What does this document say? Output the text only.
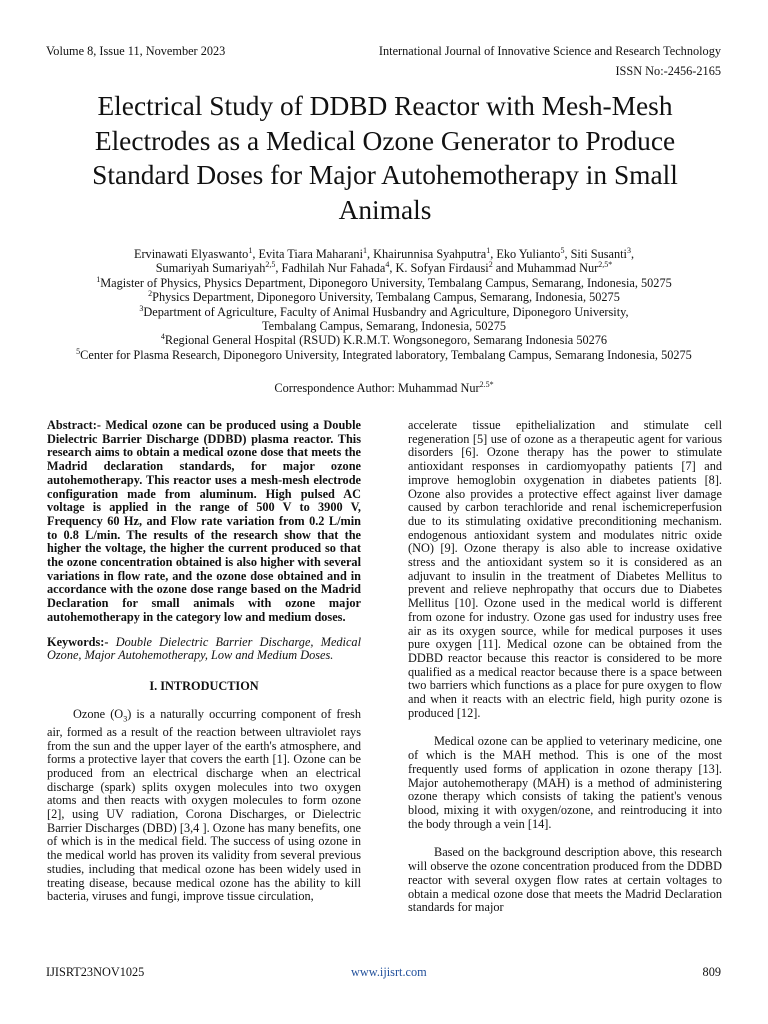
Volume 8, Issue 11, November 2023	International Journal of Innovative Science and Research Technology
ISSN No:-2456-2165
Electrical Study of DDBD Reactor with Mesh-Mesh Electrodes as a Medical Ozone Generator to Produce Standard Doses for Major Autohemotherapy in Small Animals
Ervinawati Elyaswanto$^1$, Evita Tiara Maharani$^1$, Khairunnisa Syahputra$^1$, Eko Yulianto$^5$, Siti Susanti$^3$,
Sumariyah Sumariyah$^{2,5}$, Fadhilah Nur Fahada$^4$, K. Sofyan Firdausi$^2$ and Muhammad Nur$^{2,5*}$
$^1$Magister of Physics, Physics Department, Diponegoro University, Tembalang Campus, Semarang, Indonesia, 50275
$^2$Physics Department, Diponegoro University, Tembalang Campus, Semarang, Indonesia, 50275
$^3$Department of Agriculture, Faculty of Animal Husbandry and Agriculture, Diponegoro University,
Tembalang Campus, Semarang, Indonesia, 50275
$^4$Regional General Hospital (RSUD) K.R.M.T. Wongsonegoro, Semarang Indonesia 50276
$^5$Center for Plasma Research, Diponegoro University, Integrated laboratory, Tembalang Campus, Semarang Indonesia, 50275
Correspondence Author: Muhammad Nur$^{2.5*}$

Abstract:- Medical ozone can be produced using a Double Dielectric Barrier Discharge (DDBD) plasma reactor. This research aims to obtain a medical ozone dose that meets the Madrid declaration standards, for major ozone autohemotherapy. This reactor uses a mesh-mesh electrode configuration made from aluminum. High pulsed AC voltage is applied in the range of 500 V to 3900 V, Frequency 60 Hz, and Flow rate variation from 0.2 L/min to 0.8 L/min. The results of the research show that the higher the voltage, the higher the current produced so that the ozone concentration obtained is also higher with several variations in flow rate, and the ozone dose obtained and in accordance with the ozone dose range based on the Madrid Declaration for small animals with ozone major autohemotherapy in the category low and medium doses.

Keywords:- Double Dielectric Barrier Discharge, Medical Ozone, Major Autohemotherapy, Low and Medium Doses.

I. INTRODUCTION

Ozone $(O_3)$ is a naturally occurring component of fresh air, formed as a result of the reaction between ultraviolet rays from the sun and the upper layer of the earth's atmosphere, and forms a protective layer that covers the earth [1]. Ozone can be produced from an electrical discharge when an electrical discharge (spark) splits oxygen molecules into two oxygen atoms and then reacts with oxygen molecules to form ozone [2], using UV radiation, Corona Discharges, or Dielectric Barrier Discharges (DBD) [3,4 ]. Ozone has many benefits, one of which is in the medical field. The success of using ozone in the medical world has proven its validity from several previous studies, including that medical ozone has been widely used in treating disease, because medical ozone has the ability to kill bacteria, viruses and fungi, improve tissue circulation,

accelerate tissue epithelialization and stimulate cell regeneration [5] use of ozone as a therapeutic agent for various disorders [6]. Ozone therapy has the power to stimulate antioxidant responses in cardiomyopathy patients [7] and improve hemoglobin oxygenation in diabetes patients [8]. Ozone also provides a protective effect against liver damage caused by carbon terachloride and renal ischemicreperfusion due to its stimulating oxidative preconditioning mechanism. endogenous antioxidant system and modulates nitric oxide (NO) [9]. Ozone therapy is also able to increase oxidative stress and the antioxidant system so it is considered as an adjuvant to insulin in the treatment of Diabetes Mellitus to prevent and relieve nephropathy that occurs due to Diabetes Mellitus [10]. Ozone used in the medical world is different from ozone for industry. Ozone gas used for industry uses free air as its oxygen source, while for medical purposes it uses pure oxygen [11]. Medical ozone can be obtained from the DDBD reactor because this reactor is considered to be more qualified as a medical reactor because there is a space between two barriers which functions as a place for pure oxygen to flow and when it reacts with an electric field, high purity ozone is produced [12].

Medical ozone can be applied to veterinary medicine, one of which is the MAH method. This is one of the most frequently used forms of application in ozone therapy [13]. Major autohemotherapy (MAH) is a method of administering ozone therapy which consists of taking the patient's venous blood, mixing it with oxygen/ozone, and reintroducing it into the body through a vein [14].

Based on the background description above, this research will observe the ozone concentration produced from the DDBD reactor with several oxygen flow rates at certain voltages to obtain a medical ozone dose that meets the Madrid Declaration standards for major

IJISRT23NOV1025	www.ijisrt.com	809
